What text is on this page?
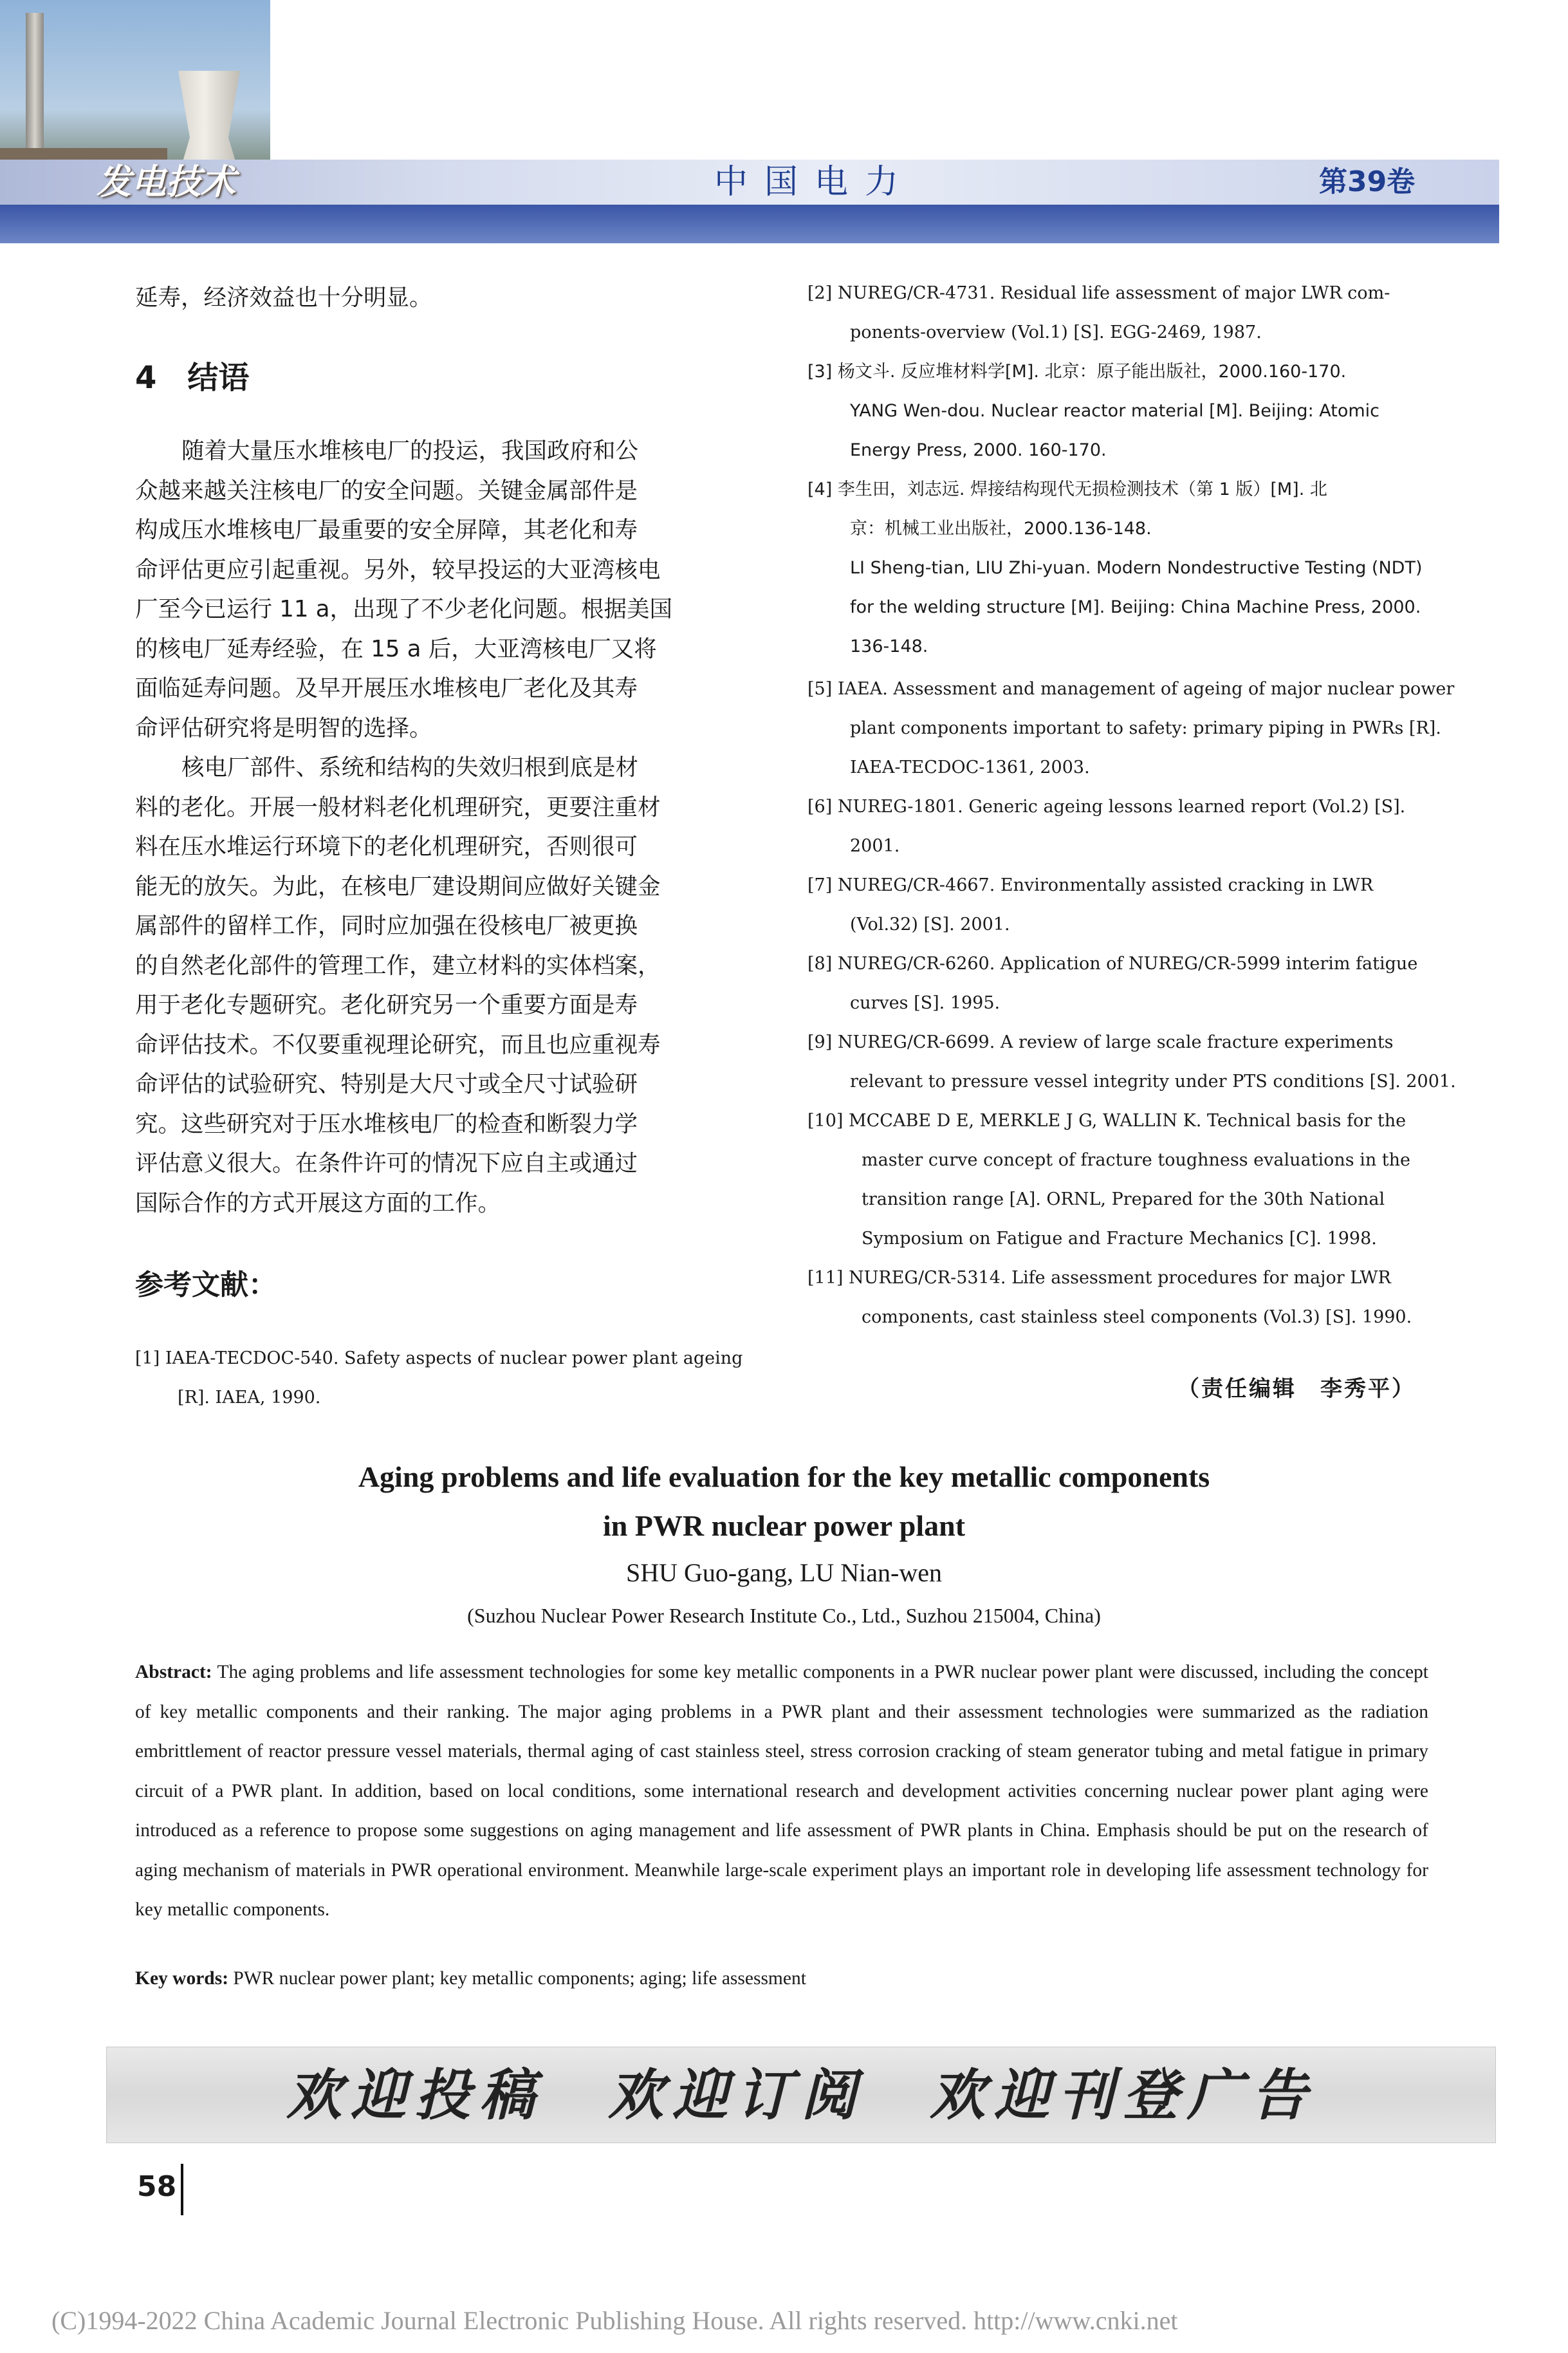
发电技术	中国电力	第39卷

延寿，经济效益也十分明显。

4　结语

随着大量压水堆核电厂的投运，我国政府和公
众越来越关注核电厂的安全问题。关键金属部件是
构成压水堆核电厂最重要的安全屏障，其老化和寿
命评估更应引起重视。另外，较早投运的大亚湾核电
厂至今已运行 11 a，出现了不少老化问题。根据美国
的核电厂延寿经验，在 15 a 后，大亚湾核电厂又将
面临延寿问题。及早开展压水堆核电厂老化及其寿
命评估研究将是明智的选择。

核电厂部件、系统和结构的失效归根到底是材
料的老化。开展一般材料老化机理研究，更要注重材
料在压水堆运行环境下的老化机理研究，否则很可
能无的放矢。为此，在核电厂建设期间应做好关键金
属部件的留样工作，同时应加强在役核电厂被更换
的自然老化部件的管理工作，建立材料的实体档案，
用于老化专题研究。老化研究另一个重要方面是寿
命评估技术。不仅要重视理论研究，而且也应重视寿
命评估的试验研究、特别是大尺寸或全尺寸试验研
究。这些研究对于压水堆核电厂的检查和断裂力学
评估意义很大。在条件许可的情况下应自主或通过
国际合作的方式开展这方面的工作。

参考文献：
[1] IAEA-TECDOC-540. Safety aspects of nuclear power plant ageing
[R]. IAEA, 1990.
[2] NUREG/CR-4731. Residual life assessment of major LWR com-
ponents-overview (Vol.1) [S]. EGG-2469, 1987.
[3] 杨文斗. 反应堆材料学[M]. 北京：原子能出版社，2000.160-170.
YANG Wen-dou. Nuclear reactor material [M]. Beijing: Atomic
Energy Press, 2000. 160-170.
[4] 李生田，刘志远. 焊接结构现代无损检测技术（第 1 版）[M]. 北
京：机械工业出版社，2000.136-148.
LI Sheng-tian, LIU Zhi-yuan. Modern Nondestructive Testing (NDT)
for the welding structure [M]. Beijing: China Machine Press, 2000.
136-148.
[5] IAEA. Assessment and management of ageing of major nuclear power
plant components important to safety: primary piping in PWRs [R].
IAEA-TECDOC-1361, 2003.
[6] NUREG-1801. Generic ageing lessons learned report (Vol.2) [S].
2001.
[7] NUREG/CR-4667. Environmentally assisted cracking in LWR
(Vol.32) [S]. 2001.
[8] NUREG/CR-6260. Application of NUREG/CR-5999 interim fatigue
curves [S]. 1995.
[9] NUREG/CR-6699. A review of large scale fracture experiments
relevant to pressure vessel integrity under PTS conditions [S]. 2001.
[10] MCCABE D E, MERKLE J G, WALLIN K. Technical basis for the
master curve concept of fracture toughness evaluations in the
transition range [A]. ORNL, Prepared for the 30th National
Symposium on Fatigue and Fracture Mechanics [C]. 1998.
[11] NUREG/CR-5314. Life assessment procedures for major LWR
components, cast stainless steel components (Vol.3) [S]. 1990.
（责任编辑　李秀平）
Aging problems and life evaluation for the key metallic components
in PWR nuclear power plant
SHU Guo-gang, LU Nian-wen
(Suzhou Nuclear Power Research Institute Co., Ltd., Suzhou 215004, China)
Abstract: The aging problems and life assessment technologies for some key metallic components in a PWR nuclear power plant were discussed, including the concept of key metallic components and their ranking. The major aging problems in a PWR plant and their assessment technologies were summarized as the radiation embrittlement of reactor pressure vessel materials, thermal aging of cast stainless steel, stress corrosion cracking of steam generator tubing and metal fatigue in primary circuit of a PWR plant. In addition, based on local conditions, some international research and development activities concerning nuclear power plant aging were introduced as a reference to propose some suggestions on aging management and life assessment of PWR plants in China. Emphasis should be put on the research of aging mechanism of materials in PWR operational environment. Meanwhile large-scale experiment plays an important role in developing life assessment technology for key metallic components.
Key words: PWR nuclear power plant; key metallic components; aging; life assessment
欢迎投稿　欢迎订阅　欢迎刊登广告
58
(C)1994-2022 China Academic Journal Electronic Publishing House. All rights reserved. http://www.cnki.net
